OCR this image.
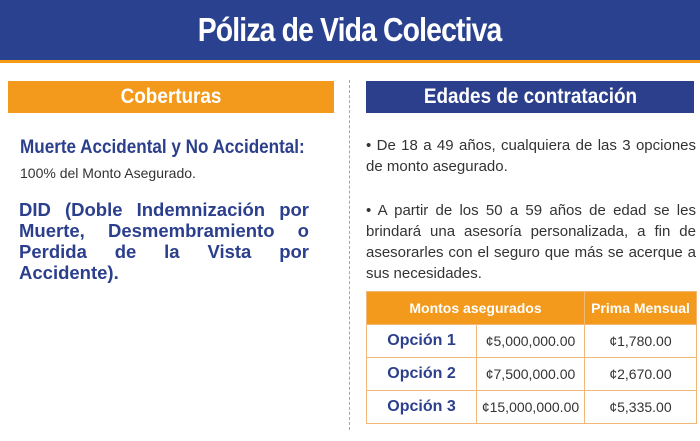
Póliza de Vida Colectiva
Coberturas	Edades de contratación
Muerte Accidental y No Accidental:
100% del Monto Asegurado.
DID (Doble Indemnización por Muerte, Desmembramiento o Perdida de la Vista por Accidente).
• De 18 a 49 años, cualquiera de las 3 opciones de monto asegurado.
• A partir de los 50 a 59 años de edad se les brindará una asesoría personalizada, a fin de asesorarles con el seguro que más se acerque a sus necesidades.
Montos asegurados		Prima Mensual
Opción 1	¢5,000,000.00	¢1,780.00
Opción 2	¢7,500,000.00	¢2,670.00
Opción 3	¢15,000,000.00	¢5,335.00
